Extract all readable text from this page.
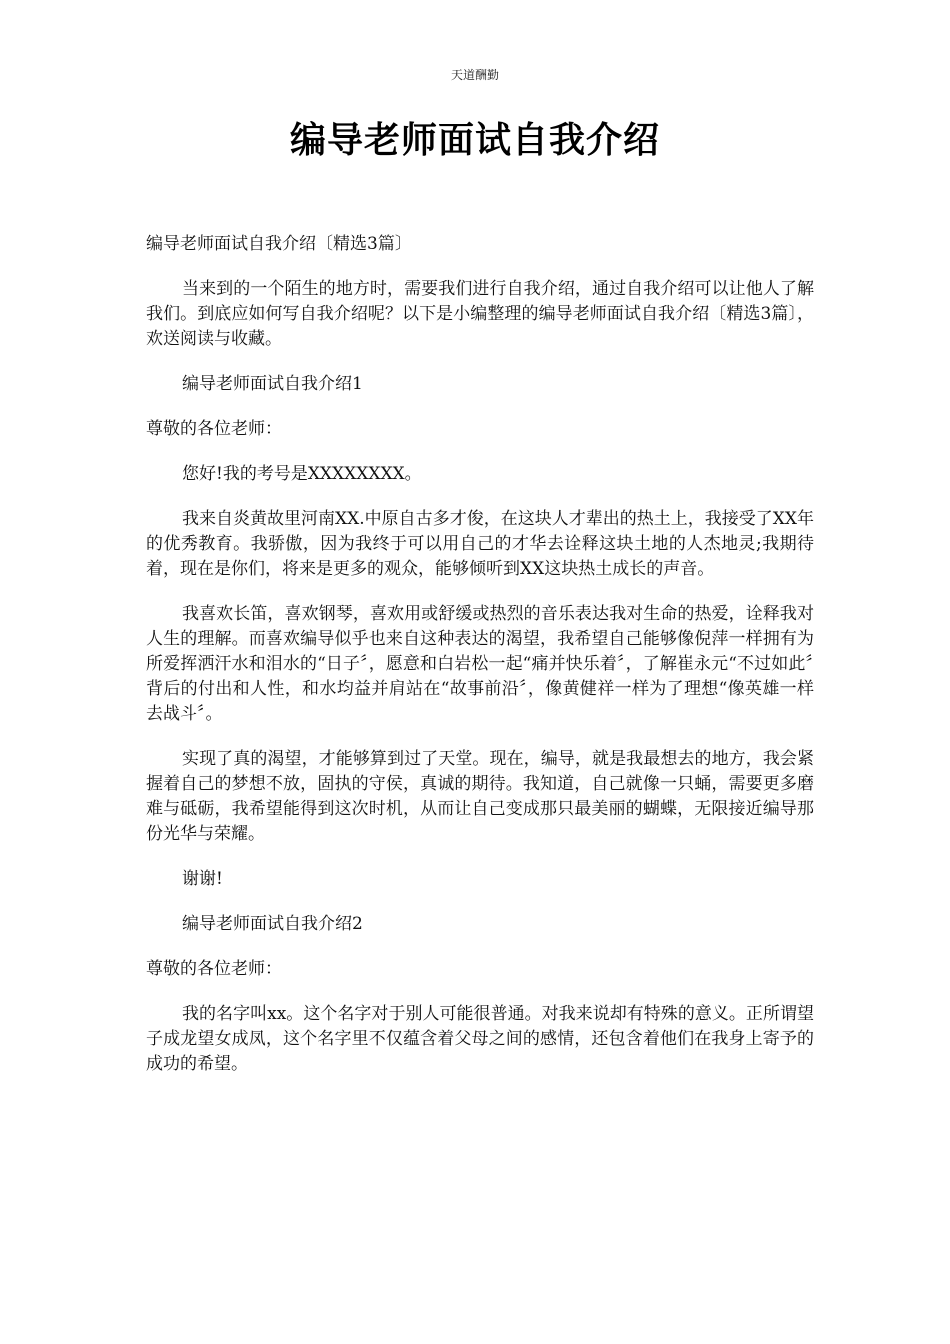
天道酬勤
编导老师面试自我介绍

编导老师面试自我介绍〔精选3篇〕

当来到的一个陌生的地方时，需要我们进行自我介绍，通过自我介绍可以让他人了解我们。到底应如何写自我介绍呢？以下是小编整理的编导老师面试自我介绍〔精选3篇〕，欢送阅读与收藏。

编导老师面试自我介绍1

尊敬的各位老师：

您好!我的考号是XXXXXXXX。

我来自炎黄故里河南XX.中原自古多才俊，在这块人才辈出的热土上，我接受了XX年的优秀教育。我骄傲，因为我终于可以用自己的才华去诠释这块土地的人杰地灵;我期待着，现在是你们，将来是更多的观众，能够倾听到XX这块热土成长的声音。

我喜欢长笛，喜欢钢琴，喜欢用或舒缓或热烈的音乐表达我对生命的热爱，诠释我对人生的理解。而喜欢编导似乎也来自这种表达的渴望，我希望自己能够像倪萍一样拥有为所爱挥洒汗水和泪水的“日子〞，愿意和白岩松一起“痛并快乐着〞，了解崔永元“不过如此〞背后的付出和人性，和水均益并肩站在“故事前沿〞，像黄健祥一样为了理想“像英雄一样去战斗〞。

实现了真的渴望，才能够算到过了天堂。现在，编导，就是我最想去的地方，我会紧握着自己的梦想不放，固执的守侯，真诚的期待。我知道，自己就像一只蛹，需要更多磨难与砥砺，我希望能得到这次时机，从而让自己变成那只最美丽的蝴蝶，无限接近编导那份光华与荣耀。

谢谢!

编导老师面试自我介绍2

尊敬的各位老师：

我的名字叫xx。这个名字对于别人可能很普通。对我来说却有特殊的意义。正所谓望子成龙望女成凤，这个名字里不仅蕴含着父母之间的感情，还包含着他们在我身上寄予的成功的希望。
